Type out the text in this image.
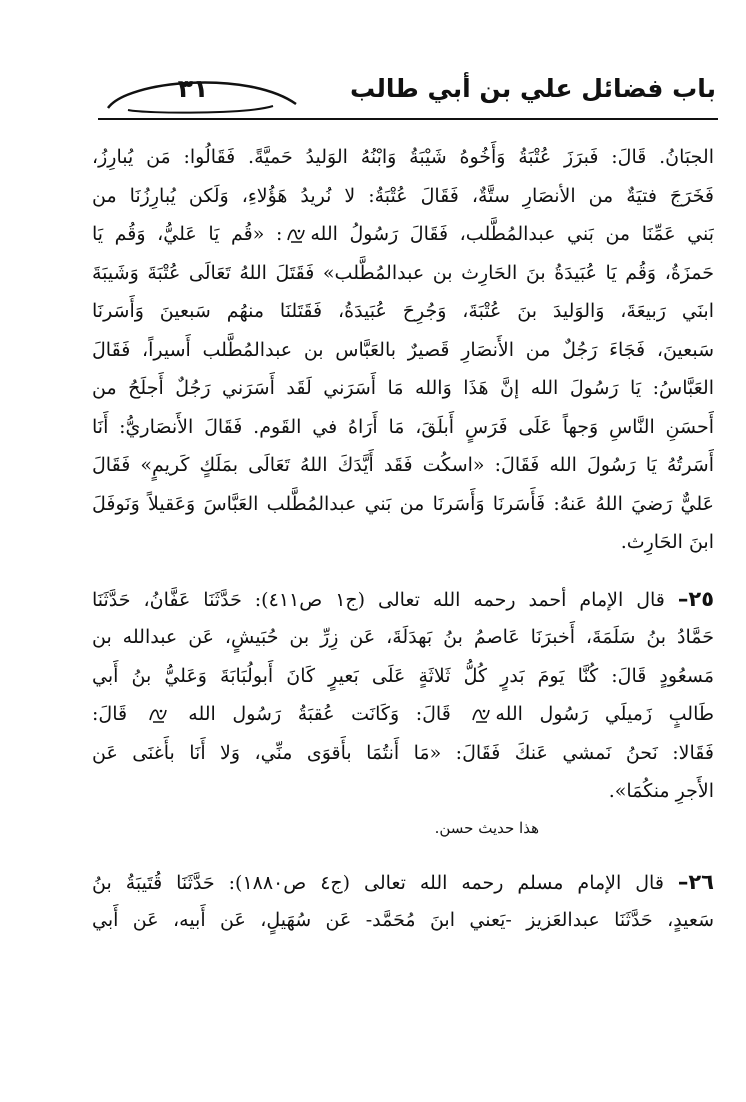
٣١	باب فضائل علي بن أبي طالب
الجبَانُ. قَالَ: فَبرَزَ عُتْبَةُ وَأَخُوهُ شَيْبَةُ وَابْنُهُ الوَليدُ حَميَّةً. فَقَالُوا: مَن يُبارِزُ،
فَخَرَجَ فتيَةٌ من الأنصَارِ ستَّةٌ، فَقَالَ عُتْبَةُ: لا نُريدُ هَؤُلاءِ، وَلَكن يُبارِزُنَا من
بَني عَمِّنَا من بَني عبدالمُطَّلب، فَقَالَ رَسُولُ الله
: «قُم يَا عَليُّ، وَقُم يَا
حَمزَةُ، وَقُم يَا عُبَيدَةُ بنَ الحَارِث بن عبدالمُطَّلب» فَقَتَلَ اللهُ تَعَالَى عُتْبَةَ وَشَيبَةَ
ابنَي رَبيعَةَ، وَالوَليدَ بنَ عُتْبَةَ، وَجُرِحَ عُبَيدَةُ، فَقَتَلنَا منهُم سَبعينَ وَأَسَرنَا
سَبعينَ، فَجَاءَ رَجُلٌ من الأَنصَارِ قَصيرٌ بالعَبَّاس بن عبدالمُطَّلب أَسيراً، فَقَالَ
العَبَّاسُ: يَا رَسُولَ الله إنَّ هَذَا وَالله مَا أَسَرَني لَقَد أَسَرَني رَجُلٌ أَجلَحُ من
أَحسَنِ النَّاسِ وَجهاً عَلَى فَرَسٍ أَبلَقَ، مَا أَرَاهُ في القَوم. فَقَالَ الأَنصَاريُّ: أَنَا
أَسَرتُهُ يَا رَسُولَ الله فَقَالَ: «اسكُت فَقَد أَيَّدَكَ اللهُ تَعَالَى بمَلَكٍ كَريمٍ» فَقَالَ
عَليٌّ رَضيَ اللهُ عَنهُ: فَأَسَرنَا وَأَسَرنَا من بَني عبدالمُطَّلب العَبَّاسَ وَعَقيلاً وَنَوفَلَ
ابنَ الحَارِث.
٢٥– قال الإمام أحمد رحمه الله تعالى (ج١ ص٤١١): حَدَّثَنَا عَفَّانُ، حَدَّثَنَا
حَمَّادُ بنُ سَلَمَةَ، أَخبرَنَا عَاصمُ بنُ بَهدَلَةَ، عَن زِرِّ بن حُبَيشٍ، عَن عبدالله بن
مَسعُودٍ قَالَ: كُنَّا يَومَ بَدرٍ كُلُّ ثَلاثَةٍ عَلَى بَعيرٍ كَانَ أَبولُبَابَةَ وَعَليُّ بنُ أَبي
طَالبٍ زَميلَي رَسُول الله
قَالَ: وَكَانَت عُقبَةُ رَسُول الله
قَالَ:
فَقَالا: نَحنُ نَمشي عَنكَ فَقَالَ: «مَا أَنتُمَا بأَقوَى منِّي، وَلا أَنَا بأَغنَى عَن
الأَجرِ منكُمَا».
هذا حديث حسن.
٢٦– قال الإمام مسلم رحمه الله تعالى (ج٤ ص١٨٨٠): حَدَّثَنَا قُتَيبَةُ بنُ
سَعيدٍ، حَدَّثَنَا عبدالعَزيز -يَعني ابنَ مُحَمَّد- عَن سُهَيلٍ، عَن أَبيه، عَن أَبي
